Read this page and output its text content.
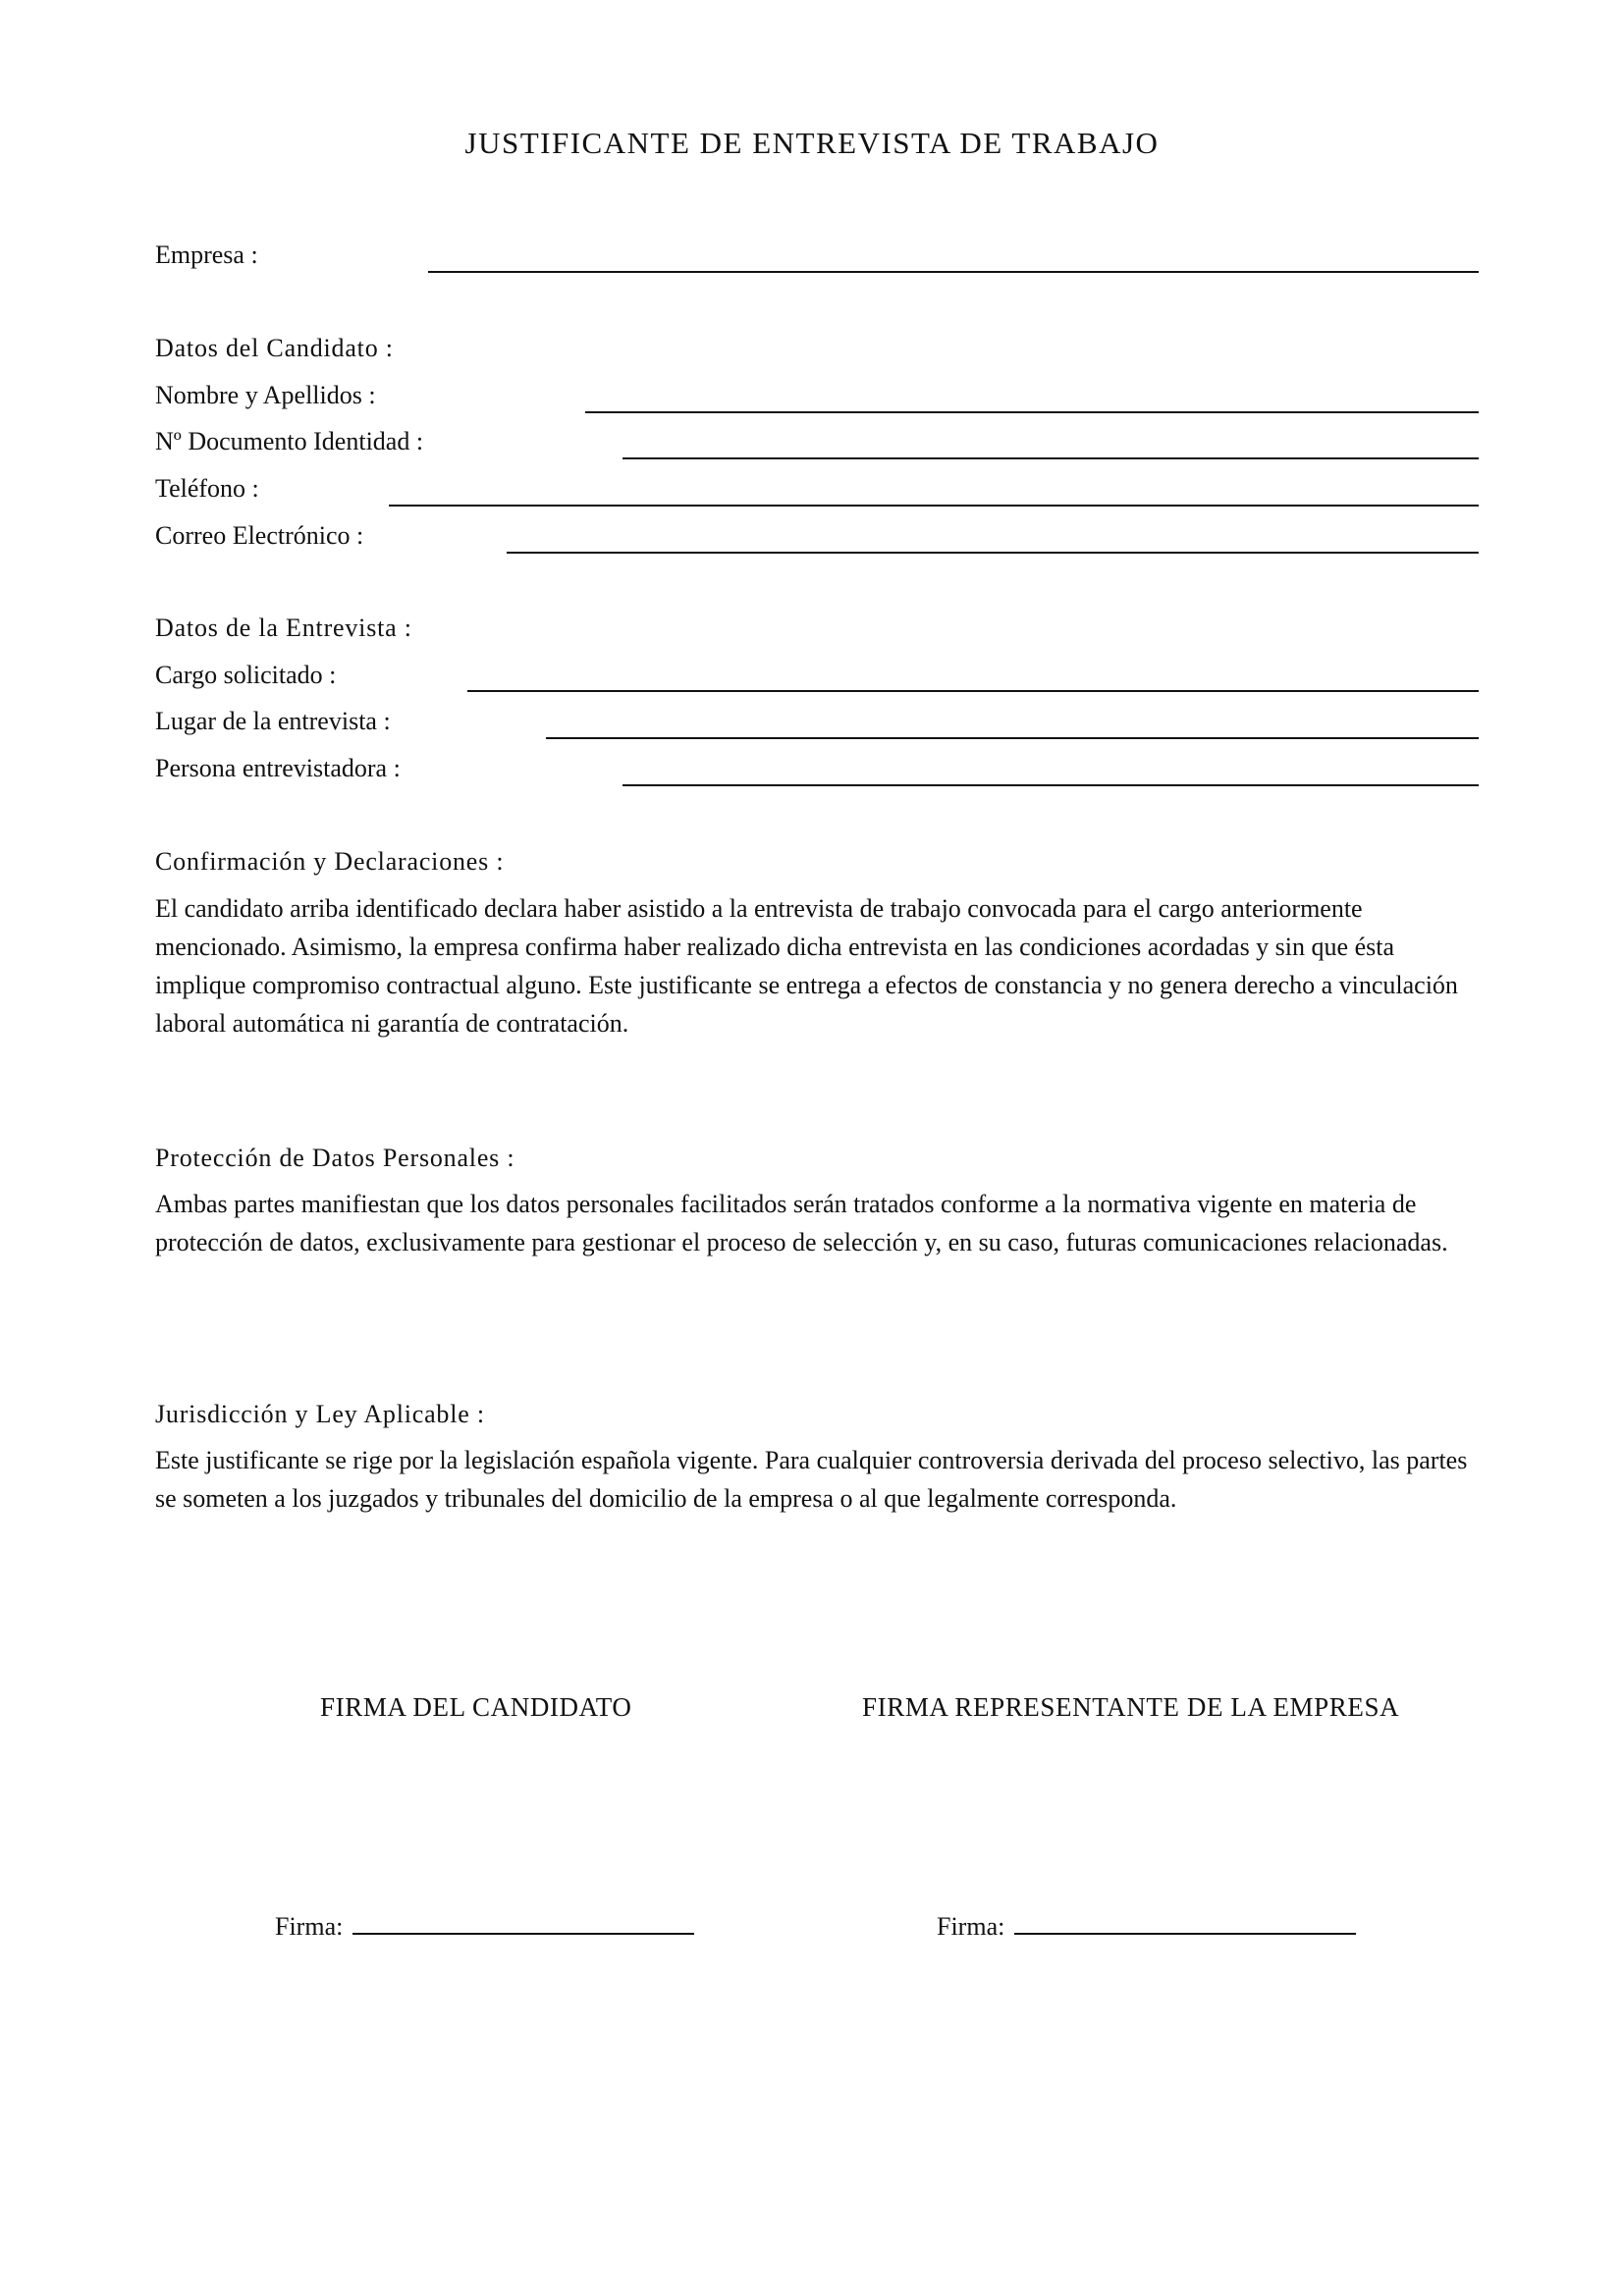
JUSTIFICANTE DE ENTREVISTA DE TRABAJO
Empresa :
Datos del Candidato :
Nombre y Apellidos :
Nº Documento Identidad :
Teléfono :
Correo Electrónico :
Datos de la Entrevista :
Cargo solicitado :
Lugar de la entrevista :
Persona entrevistadora :
Confirmación y Declaraciones :

El candidato arriba identificado declara haber asistido a la entrevista de trabajo convocada para el cargo anteriormente mencionado. Asimismo, la empresa confirma haber realizado dicha entrevista en las condiciones acordadas y sin que ésta implique compromiso contractual alguno. Este justificante se entrega a efectos de constancia y no genera derecho a vinculación laboral automática ni garantía de contratación.

Protección de Datos Personales :

Ambas partes manifiestan que los datos personales facilitados serán tratados conforme a la normativa vigente en materia de protección de datos, exclusivamente para gestionar el proceso de selección y, en su caso, futuras comunicaciones relacionadas.

Jurisdicción y Ley Aplicable :

Este justificante se rige por la legislación española vigente. Para cualquier controversia derivada del proceso selectivo, las partes se someten a los juzgados y tribunales del domicilio de la empresa o al que legalmente corresponda.

FIRMA DEL CANDIDATO	FIRMA REPRESENTANTE DE LA EMPRESA
Firma:	Firma:
